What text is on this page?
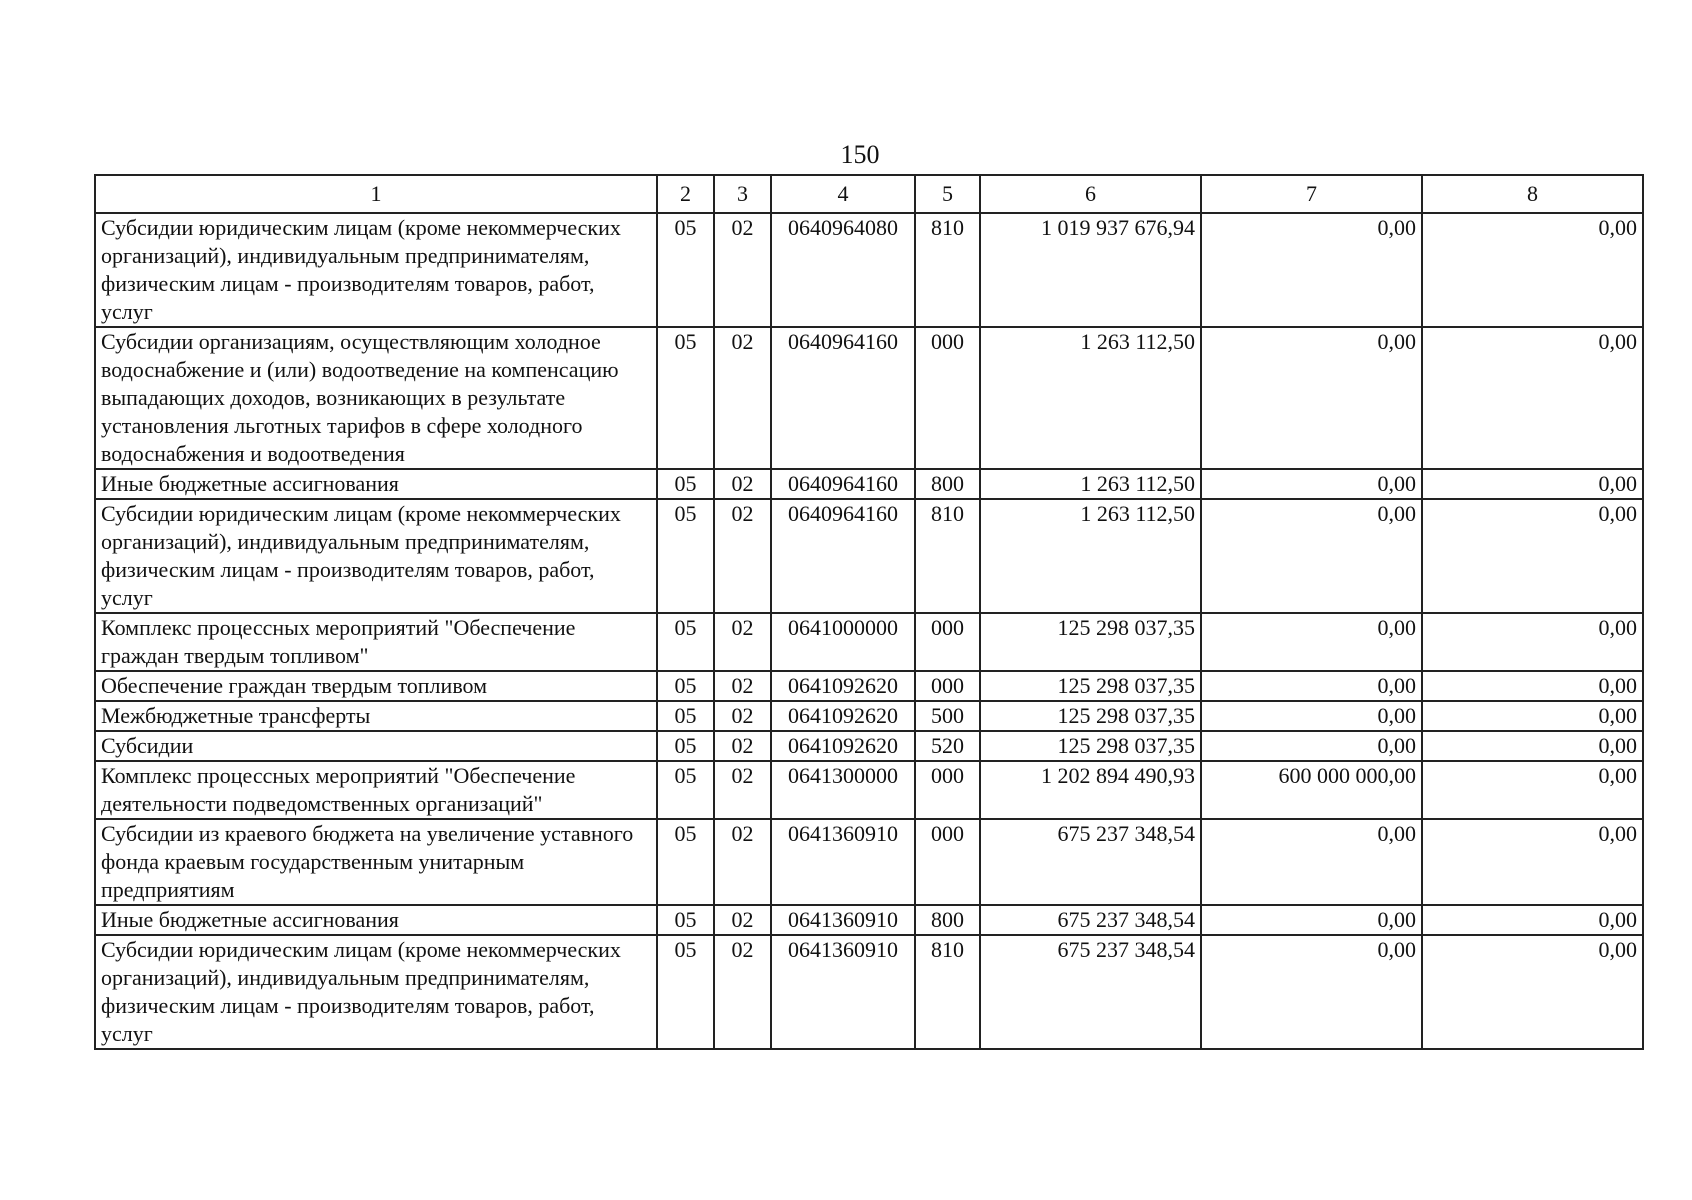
150
1	2	3	4	5	6	7	8
Субсидии юридическим лицам (кроме некоммерческих организаций), индивидуальным предпринимателям, физическим лицам - производителям товаров, работ, услуг	05	02	0640964080	810	1 019 937 676,94	0,00	0,00
Субсидии организациям, осуществляющим холодное водоснабжение и (или) водоотведение на компенсацию выпадающих доходов, возникающих в результате установления льготных тарифов в сфере холодного водоснабжения и водоотведения	05	02	0640964160	000	1 263 112,50	0,00	0,00
Иные бюджетные ассигнования	05	02	0640964160	800	1 263 112,50	0,00	0,00
Субсидии юридическим лицам (кроме некоммерческих организаций), индивидуальным предпринимателям, физическим лицам - производителям товаров, работ, услуг	05	02	0640964160	810	1 263 112,50	0,00	0,00
Комплекс процессных мероприятий "Обеспечение граждан твердым топливом"	05	02	0641000000	000	125 298 037,35	0,00	0,00
Обеспечение граждан твердым топливом	05	02	0641092620	000	125 298 037,35	0,00	0,00
Межбюджетные трансферты	05	02	0641092620	500	125 298 037,35	0,00	0,00
Субсидии	05	02	0641092620	520	125 298 037,35	0,00	0,00
Комплекс процессных мероприятий "Обеспечение деятельности подведомственных организаций"	05	02	0641300000	000	1 202 894 490,93	600 000 000,00	0,00
Субсидии из краевого бюджета на увеличение уставного фонда краевым государственным унитарным предприятиям	05	02	0641360910	000	675 237 348,54	0,00	0,00
Иные бюджетные ассигнования	05	02	0641360910	800	675 237 348,54	0,00	0,00
Субсидии юридическим лицам (кроме некоммерческих организаций), индивидуальным предпринимателям, физическим лицам - производителям товаров, работ, услуг	05	02	0641360910	810	675 237 348,54	0,00	0,00
